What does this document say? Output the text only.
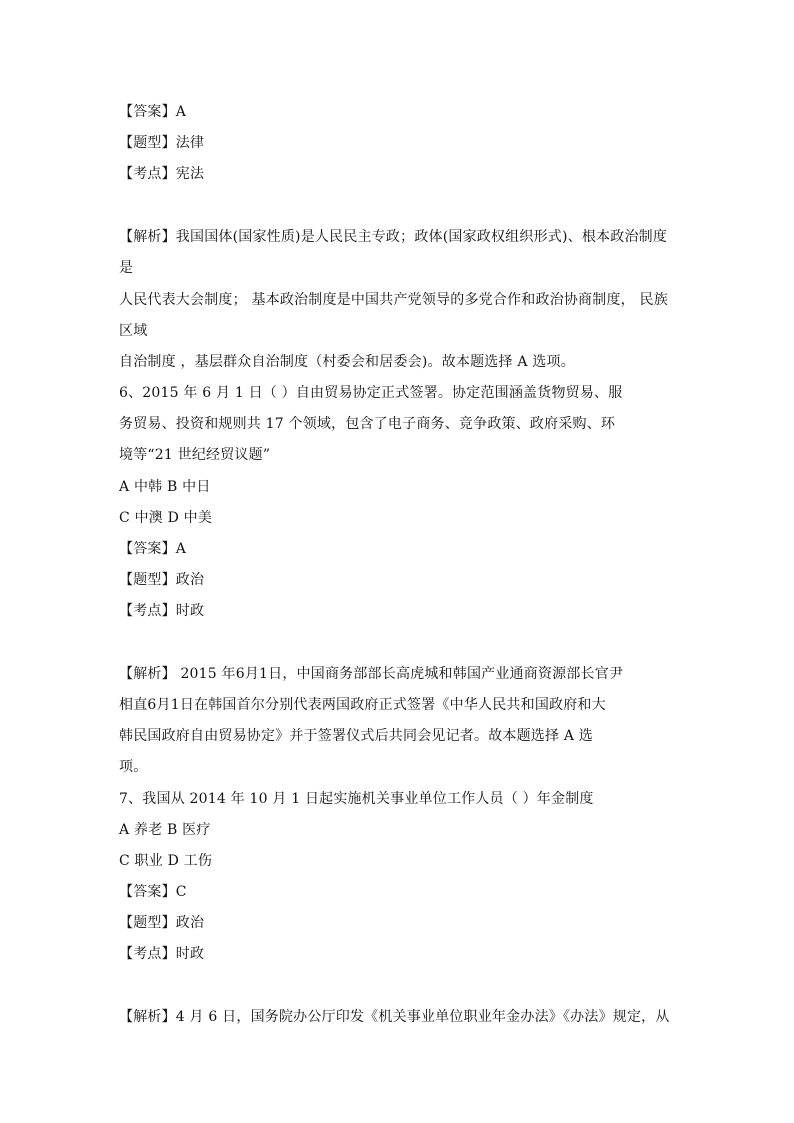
【答案】A
【题型】法律
【考点】宪法
【解析】我国国体(国家性质)是人民民主专政；政体(国家政权组织形式)、根本政治制度
是
人民代表大会制度； 基本政治制度是中国共产党领导的多党合作和政治协商制度， 民族
区域
自治制度 ，基层群众自治制度（村委会和居委会)。故本题选择 A 选项。
6、2015 年 6 月 1 日（ ）自由贸易协定正式签署。协定范围涵盖货物贸易、服
务贸易、投资和规则共 17 个领域，包含了电子商务、竞争政策、政府采购、环
境等“21 世纪经贸议题”
A 中韩 B 中日
C 中澳 D 中美
【答案】A
【题型】政治
【考点】时政
【解析】 2015 年6月1日，中国商务部部长高虎城和韩国产业通商资源部长官尹
相直6月1日在韩国首尔分别代表两国政府正式签署《中华人民共和国政府和大
韩民国政府自由贸易协定》并于签署仪式后共同会见记者。故本题选择 A 选
项。
7、我国从 2014 年 10 月 1 日起实施机关事业单位工作人员（ ）年金制度
A 养老 B 医疗
C 职业 D 工伤
【答案】C
【题型】政治
【考点】时政
【解析】4 月 6 日，国务院办公厅印发《机关事业单位职业年金办法》《办法》规定，从
